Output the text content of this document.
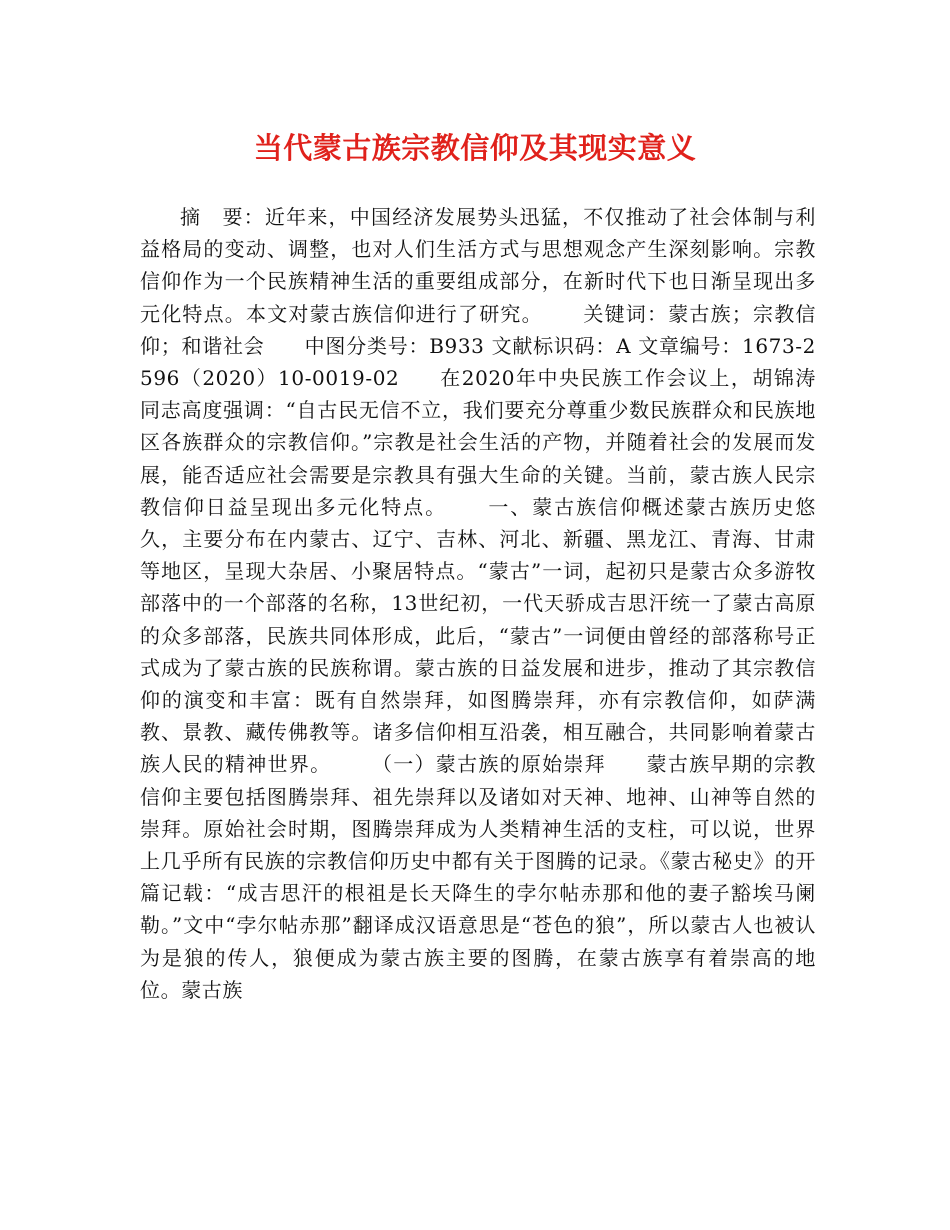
当代蒙古族宗教信仰及其现实意义

摘　要：近年来，中国经济发展势头迅猛，不仅推动了社会体制与利益格局的变动、调整，也对人们生活方式与思想观念产生深刻影响。宗教信仰作为一个民族精神生活的重要组成部分，在新时代下也日渐呈现出多元化特点。本文对蒙古族信仰进行了研究。 关键词：蒙古族；宗教信仰；和谐社会 中图分类号：B933 文献标识码：A 文章编号：1673-2596（2020）10-0019-02 在2020年中央民族工作会议上，胡锦涛同志高度强调：“自古民无信不立，我们要充分尊重少数民族群众和民族地区各族群众的宗教信仰。”宗教是社会生活的产物，并随着社会的发展而发展，能否适应社会需要是宗教具有强大生命的关键。当前，蒙古族人民宗教信仰日益呈现出多元化特点。 一、蒙古族信仰概述蒙古族历史悠久，主要分布在内蒙古、辽宁、吉林、河北、新疆、黑龙江、青海、甘肃等地区，呈现大杂居、小聚居特点。“蒙古”一词，起初只是蒙古众多游牧部落中的一个部落的名称，13世纪初，一代天骄成吉思汗统一了蒙古高原的众多部落，民族共同体形成，此后，“蒙古”一词便由曾经的部落称号正式成为了蒙古族的民族称谓。蒙古族的日益发展和进步，推动了其宗教信仰的演变和丰富：既有自然崇拜，如图腾崇拜，亦有宗教信仰，如萨满教、景教、藏传佛教等。诸多信仰相互沿袭，相互融合，共同影响着蒙古族人民的精神世界。 （一）蒙古族的原始崇拜 蒙古族早期的宗教信仰主要包括图腾崇拜、祖先崇拜以及诸如对天神、地神、山神等自然的崇拜。原始社会时期，图腾崇拜成为人类精神生活的支柱，可以说，世界上几乎所有民族的宗教信仰历史中都有关于图腾的记录。《蒙古秘史》的开篇记载：“成吉思汗的根祖是长天降生的孛尔帖赤那和他的妻子豁埃马阑勒。”文中“孛尔帖赤那”翻译成汉语意思是“苍色的狼”，所以蒙古人也被认为是狼的传人，狼便成为蒙古族主要的图腾，在蒙古族享有着崇高的地位。蒙古族
